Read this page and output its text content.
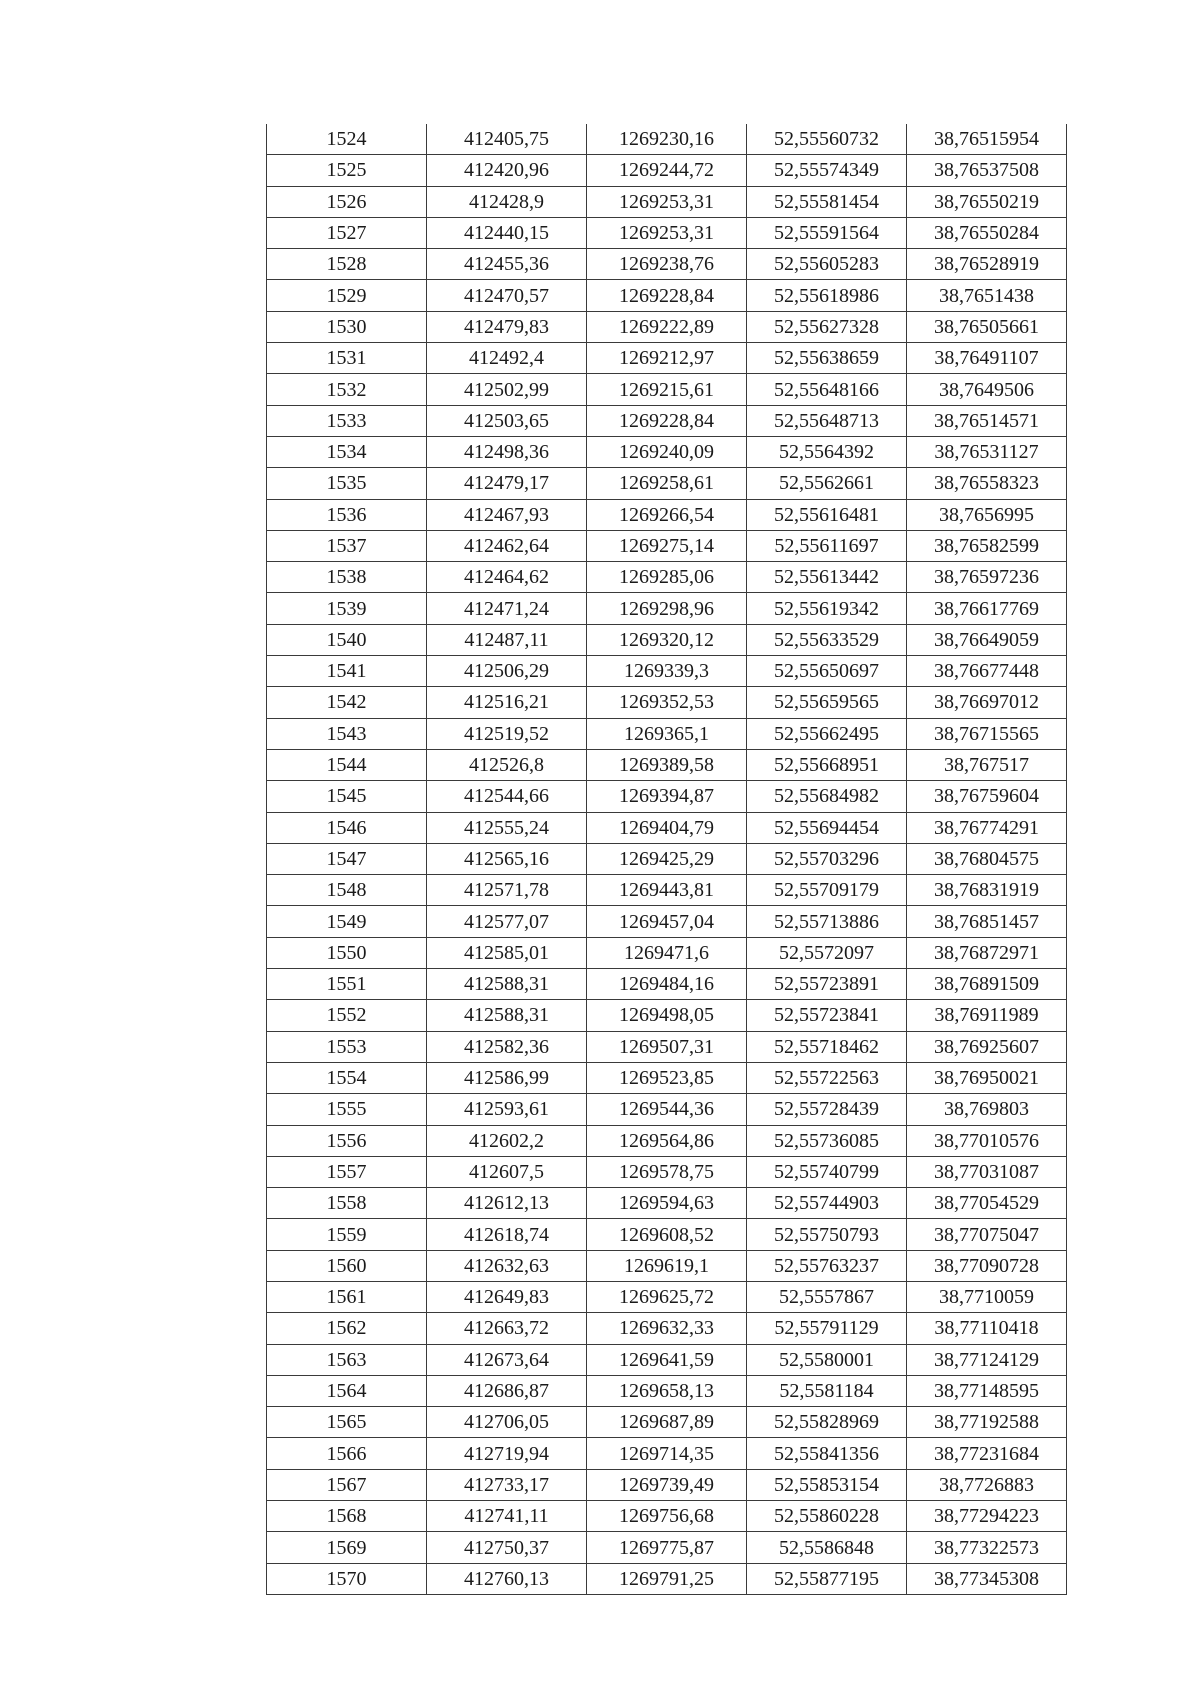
1524	412405,75	1269230,16	52,55560732	38,76515954
1525	412420,96	1269244,72	52,55574349	38,76537508
1526	412428,9	1269253,31	52,55581454	38,76550219
1527	412440,15	1269253,31	52,55591564	38,76550284
1528	412455,36	1269238,76	52,55605283	38,76528919
1529	412470,57	1269228,84	52,55618986	38,7651438
1530	412479,83	1269222,89	52,55627328	38,76505661
1531	412492,4	1269212,97	52,55638659	38,76491107
1532	412502,99	1269215,61	52,55648166	38,7649506
1533	412503,65	1269228,84	52,55648713	38,76514571
1534	412498,36	1269240,09	52,5564392	38,76531127
1535	412479,17	1269258,61	52,5562661	38,76558323
1536	412467,93	1269266,54	52,55616481	38,7656995
1537	412462,64	1269275,14	52,55611697	38,76582599
1538	412464,62	1269285,06	52,55613442	38,76597236
1539	412471,24	1269298,96	52,55619342	38,76617769
1540	412487,11	1269320,12	52,55633529	38,76649059
1541	412506,29	1269339,3	52,55650697	38,76677448
1542	412516,21	1269352,53	52,55659565	38,76697012
1543	412519,52	1269365,1	52,55662495	38,76715565
1544	412526,8	1269389,58	52,55668951	38,767517
1545	412544,66	1269394,87	52,55684982	38,76759604
1546	412555,24	1269404,79	52,55694454	38,76774291
1547	412565,16	1269425,29	52,55703296	38,76804575
1548	412571,78	1269443,81	52,55709179	38,76831919
1549	412577,07	1269457,04	52,55713886	38,76851457
1550	412585,01	1269471,6	52,5572097	38,76872971
1551	412588,31	1269484,16	52,55723891	38,76891509
1552	412588,31	1269498,05	52,55723841	38,76911989
1553	412582,36	1269507,31	52,55718462	38,76925607
1554	412586,99	1269523,85	52,55722563	38,76950021
1555	412593,61	1269544,36	52,55728439	38,769803
1556	412602,2	1269564,86	52,55736085	38,77010576
1557	412607,5	1269578,75	52,55740799	38,77031087
1558	412612,13	1269594,63	52,55744903	38,77054529
1559	412618,74	1269608,52	52,55750793	38,77075047
1560	412632,63	1269619,1	52,55763237	38,77090728
1561	412649,83	1269625,72	52,5557867	38,7710059
1562	412663,72	1269632,33	52,55791129	38,77110418
1563	412673,64	1269641,59	52,5580001	38,77124129
1564	412686,87	1269658,13	52,5581184	38,77148595
1565	412706,05	1269687,89	52,55828969	38,77192588
1566	412719,94	1269714,35	52,55841356	38,77231684
1567	412733,17	1269739,49	52,55853154	38,7726883
1568	412741,11	1269756,68	52,55860228	38,77294223
1569	412750,37	1269775,87	52,5586848	38,77322573
1570	412760,13	1269791,25	52,55877195	38,77345308
